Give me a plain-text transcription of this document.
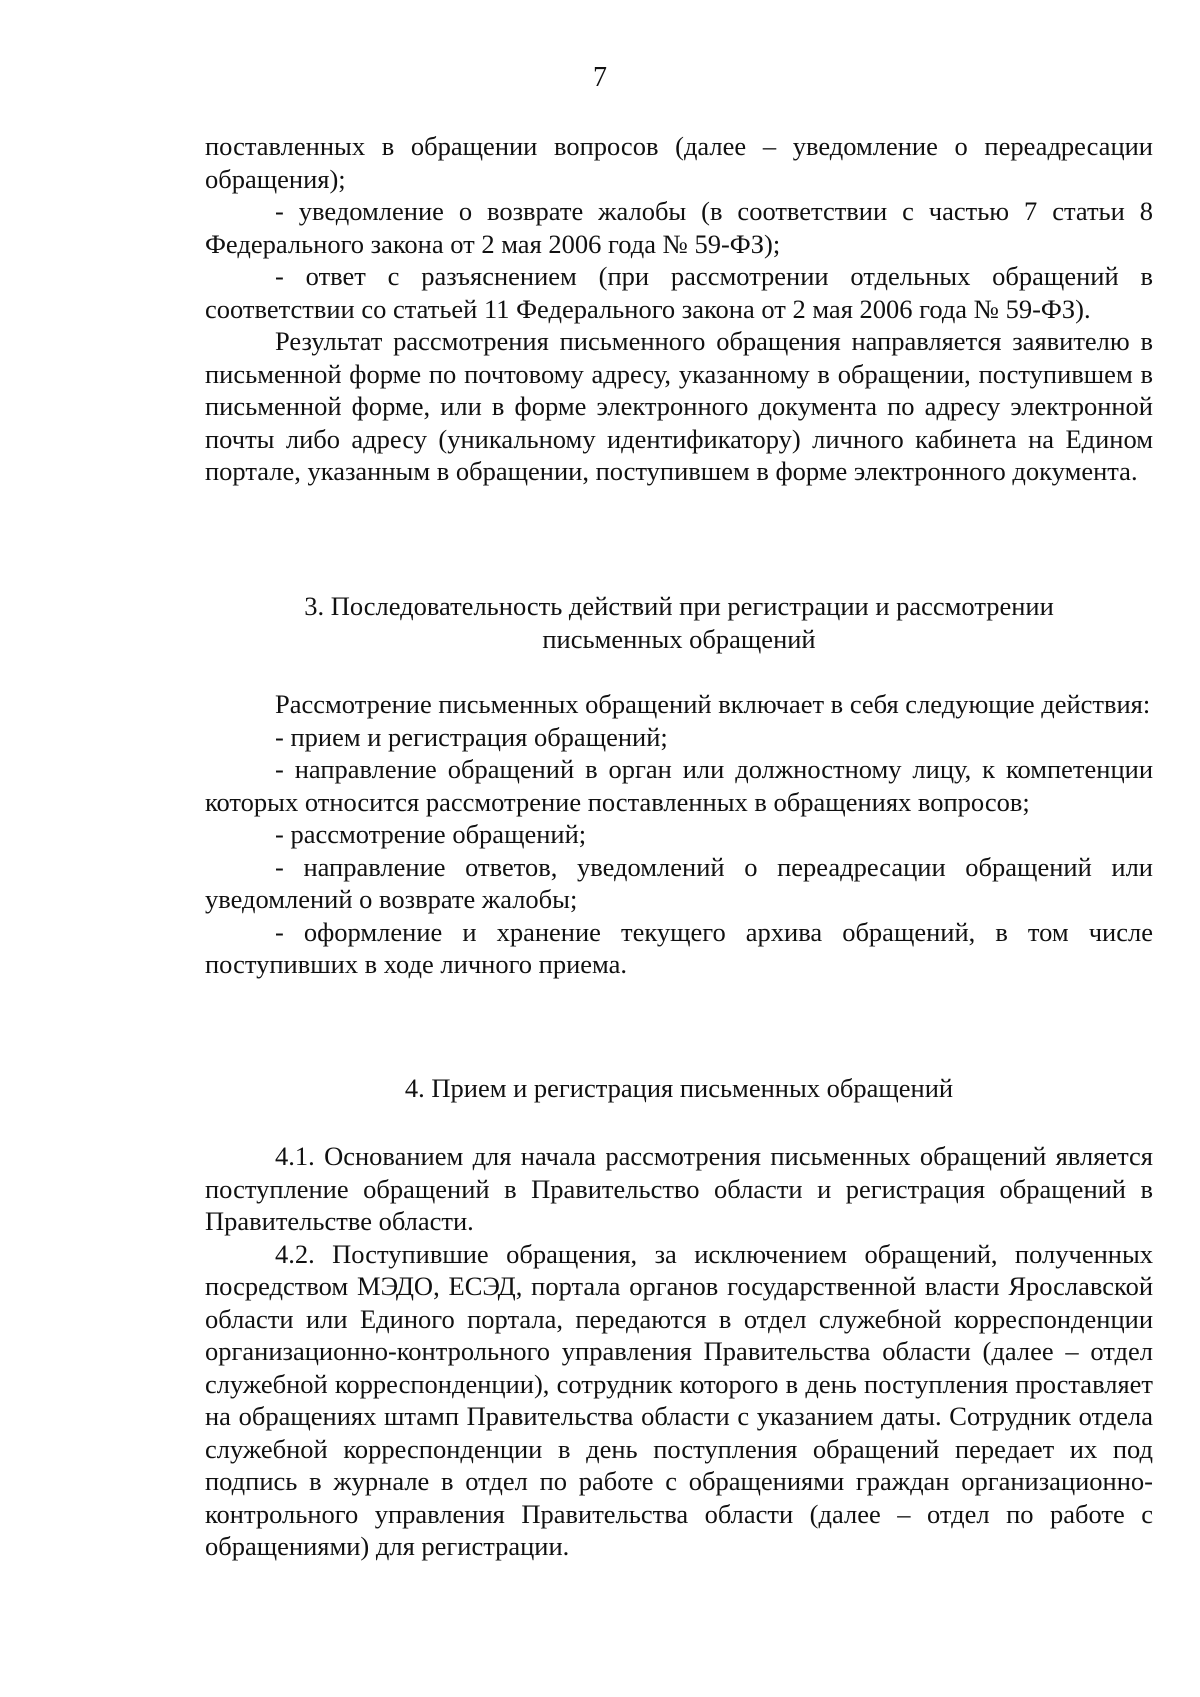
7

поставленных в обращении вопросов (далее – уведомление о переадресации обращения);

- уведомление о возврате жалобы (в соответствии с частью 7 статьи 8 Федерального закона от 2 мая 2006 года № 59-ФЗ);

- ответ с разъяснением (при рассмотрении отдельных обращений в соответствии со статьей 11 Федерального закона от 2 мая 2006 года № 59-ФЗ).

Результат рассмотрения письменного обращения направляется заявителю в письменной форме по почтовому адресу, указанному в обращении, поступившем в письменной форме, или в форме электронного документа по адресу электронной почты либо адресу (уникальному идентификатору) личного кабинета на Едином портале, указанным в обращении, поступившем в форме электронного документа.

3. Последовательность действий при регистрации и рассмотрении
письменных обращений

Рассмотрение письменных обращений включает в себя следующие действия:

- прием и регистрация обращений;

- направление обращений в орган или должностному лицу, к компетенции которых относится рассмотрение поставленных в обращениях вопросов;

- рассмотрение обращений;

- направление ответов, уведомлений о переадресации обращений или уведомлений о возврате жалобы;

- оформление и хранение текущего архива обращений, в том числе поступивших в ходе личного приема.

4. Прием и регистрация письменных обращений

4.1. Основанием для начала рассмотрения письменных обращений является поступление обращений в Правительство области и регистрация обращений в Правительстве области.

4.2. Поступившие обращения, за исключением обращений, полученных посредством МЭДО, ЕСЭД, портала органов государственной власти Ярославской области или Единого портала, передаются в отдел служебной корреспонденции организационно-контрольного управления Правительства области (далее – отдел служебной корреспонденции), сотрудник которого в день поступления проставляет на обращениях штамп Правительства области с указанием даты. Сотрудник отдела служебной корреспонденции в день поступления обращений передает их под подпись в журнале в отдел по работе с обращениями граждан организационно-контрольного управления Правительства области (далее – отдел по работе с обращениями) для регистрации.
